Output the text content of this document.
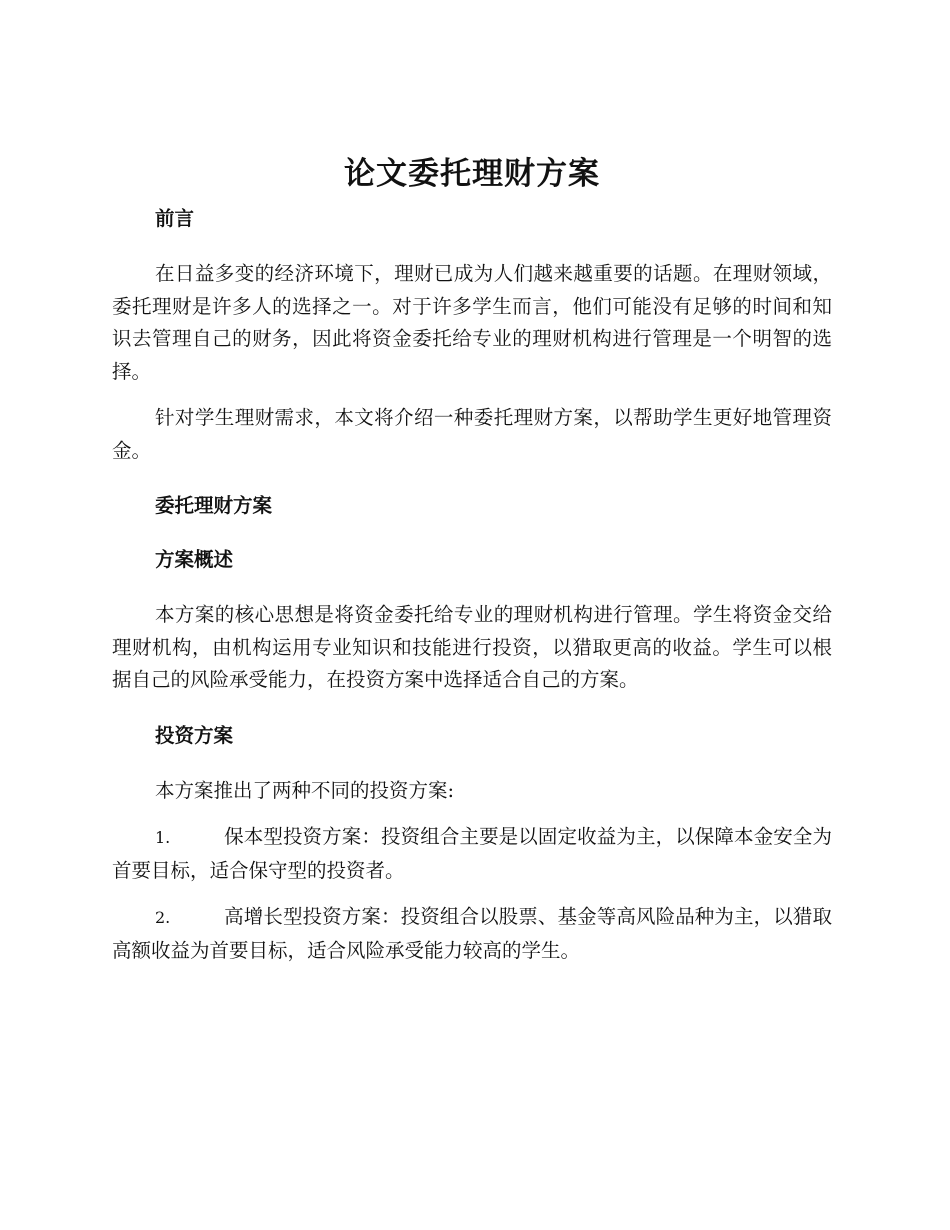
论文委托理财方案
前言

在日益多变的经济环境下，理财已成为人们越来越重要的话题。在理财领域，委托理财是许多人的选择之一。对于许多学生而言，他们可能没有足够的时间和知识去管理自己的财务，因此将资金委托给专业的理财机构进行管理是一个明智的选择。

针对学生理财需求，本文将介绍一种委托理财方案，以帮助学生更好地管理资金。

委托理财方案
方案概述

本方案的核心思想是将资金委托给专业的理财机构进行管理。学生将资金交给理财机构，由机构运用专业知识和技能进行投资，以猎取更高的收益。学生可以根据自己的风险承受能力，在投资方案中选择适合自己的方案。

投资方案

本方案推出了两种不同的投资方案:

1.	保本型投资方案：投资组合主要是以固定收益为主，以保障本金安全为首要目标，适合保守型的投资者。
2.	高增长型投资方案：投资组合以股票、基金等高风险品种为主，以猎取高额收益为首要目标，适合风险承受能力较高的学生。
